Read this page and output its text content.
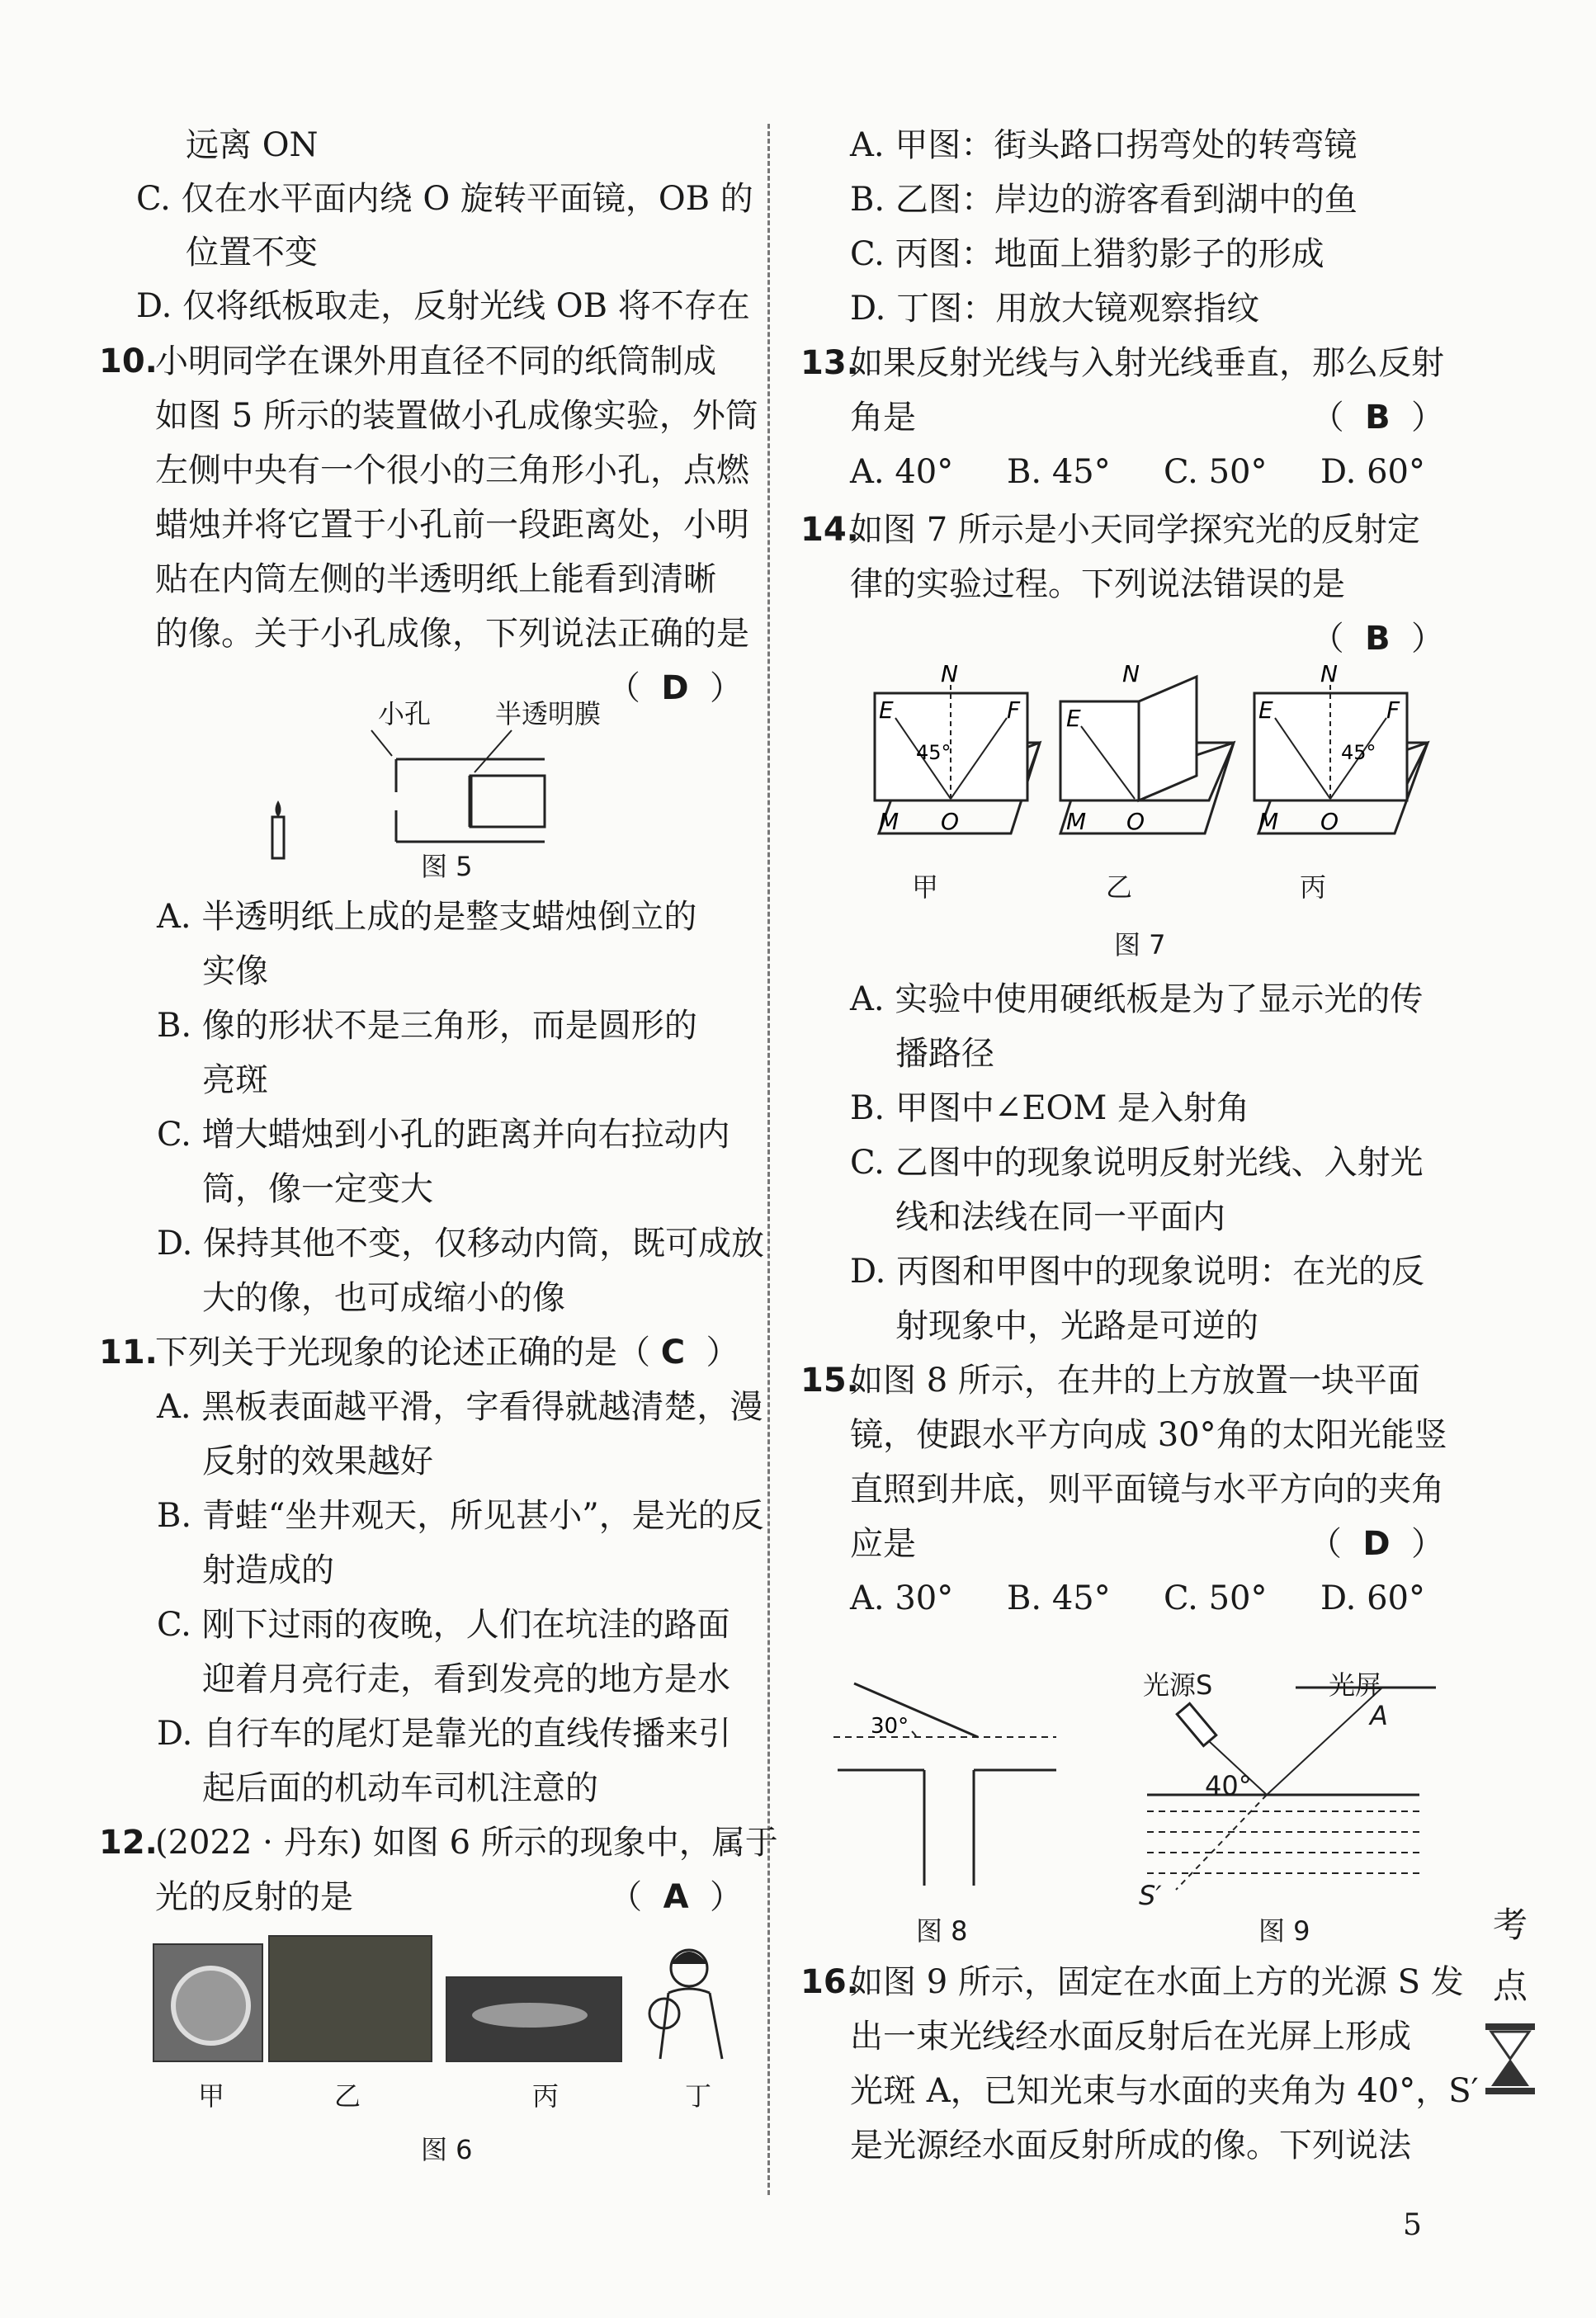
远离 ON
C. 仅在水平面内绕 O 旋转平面镜，OB 的
位置不变
D. 仅将纸板取走，反射光线 OB 将不存在
10.
小明同学在课外用直径不同的纸筒制成
如图 5 所示的装置做小孔成像实验，外筒
左侧中央有一个很小的三角形小孔，点燃
蜡烛并将它置于小孔前一段距离处，小明
贴在内筒左侧的半透明纸上能看到清晰
的像。关于小孔成像，下列说法正确的是
（  D  ）
小孔 半透明膜
图 5
A. 半透明纸上成的是整支蜡烛倒立的
实像
B. 像的形状不是三角形，而是圆形的
亮斑
C. 增大蜡烛到小孔的距离并向右拉动内
筒，像一定变大
D. 保持其他不变，仅移动内筒，既可成放
大的像，也可成缩小的像
11.
下列关于光现象的论述正确的是（ C  ）
A. 黑板表面越平滑，字看得就越清楚，漫
反射的效果越好
B. 青蛙“坐井观天，所见甚小”，是光的反
射造成的
C. 刚下过雨的夜晚，人们在坑洼的路面
迎着月亮行走，看到发亮的地方是水
D. 自行车的尾灯是靠光的直线传播来引
起后面的机动车司机注意的
12.
(2022 · 丹东) 如图 6 所示的现象中，属于
光的反射的是	（  A  ）
甲	乙	丙	丁
图 6
A. 甲图：街头路口拐弯处的转弯镜
B. 乙图：岸边的游客看到湖中的鱼
C. 丙图：地面上猎豹影子的形成
D. 丁图：用放大镜观察指纹
13.
如果反射光线与入射光线垂直，那么反射
角是	（  B  ）
A. 40° B. 45° C. 50° D. 60°
14.
如图 7 所示是小天同学探究光的反射定
律的实验过程。下列说法错误的是
（  B  ）
N
E	F
45°
M O
N
E
M O
N
E	F
45°
M O
甲	乙	丙
图 7
A. 实验中使用硬纸板是为了显示光的传
播路径
B. 甲图中∠EOM 是入射角
C. 乙图中的现象说明反射光线、入射光
线和法线在同一平面内
D. 丙图和甲图中的现象说明：在光的反
射现象中，光路是可逆的
15.
如图 8 所示，在井的上方放置一块平面
镜，使跟水平方向成 30°角的太阳光能竖
直照到井底，则平面镜与水平方向的夹角
应是	（  D  ）
A. 30° B. 45° C. 50° D. 60°
30°
图 8
光源S	光屏
A
40°
S′
图 9
16.
如图 9 所示，固定在水面上方的光源 S 发
出一束光线经水面反射后在光屏上形成
光斑 A，已知光束与水面的夹角为 40°，S′
是光源经水面反射所成的像。下列说法
考
点
5
